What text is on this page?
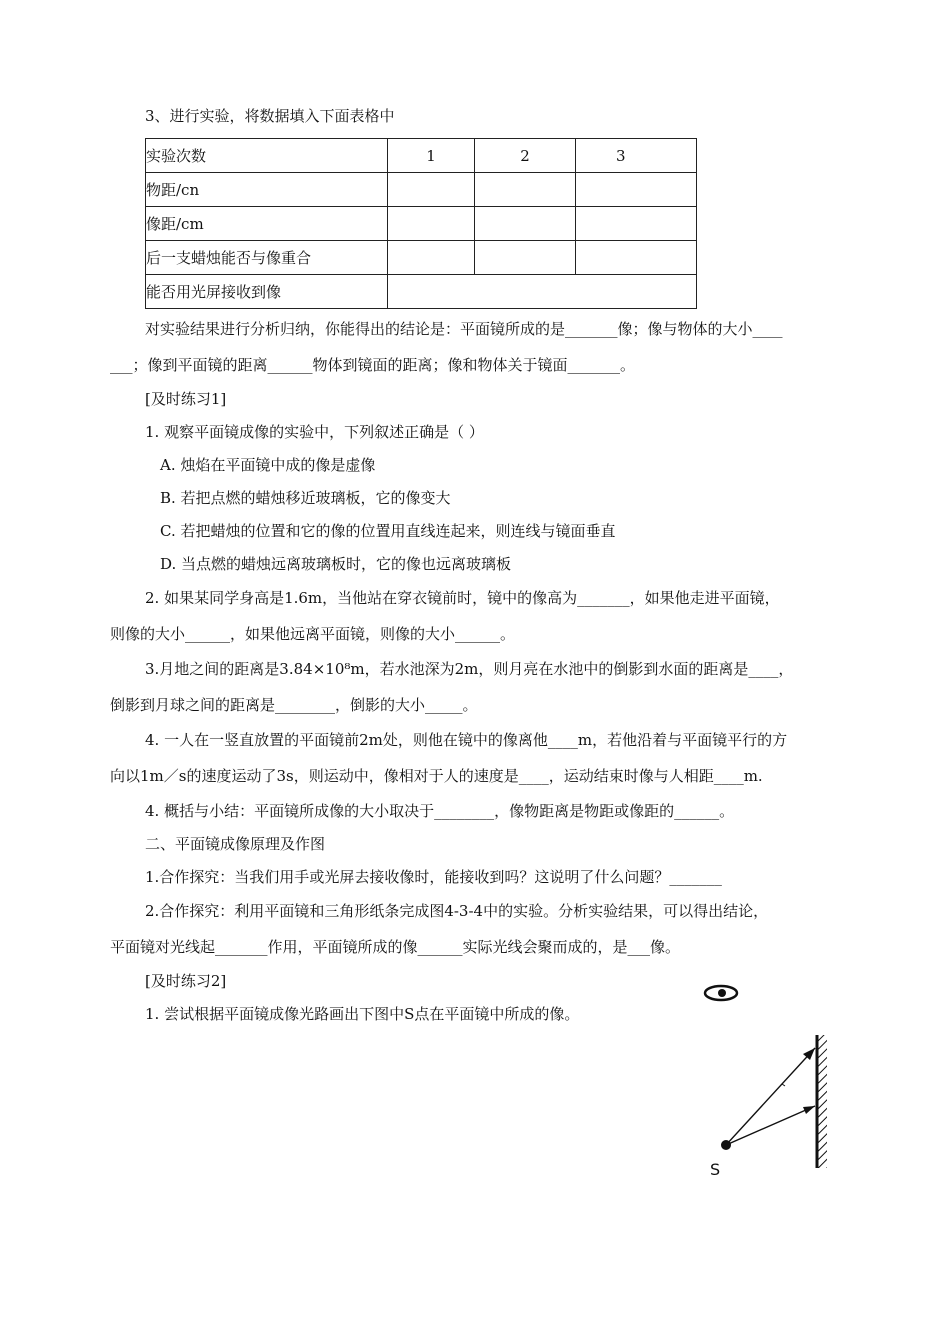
3、进行实验，将数据填入下面表格中
实验次数	1	2	3
物距/cn			
像距/cm			
后一支蜡烛能否与像重合			
能否用光屏接收到像			
对实验结果进行分析归纳，你能得出的结论是：平面镜所成的是_______像；像与物体的大小____
___；像到平面镜的距离______物体到镜面的距离；像和物体关于镜面_______。
[及时练习1]
1. 观察平面镜成像的实验中，下列叙述正确是（ ）
A. 烛焰在平面镜中成的像是虚像
B. 若把点燃的蜡烛移近玻璃板，它的像变大
C. 若把蜡烛的位置和它的像的位置用直线连起来，则连线与镜面垂直
D. 当点燃的蜡烛远离玻璃板时，它的像也远离玻璃板
2. 如果某同学身高是1.6m，当他站在穿衣镜前时，镜中的像高为_______，如果他走进平面镜，
则像的大小______，如果他远离平面镜，则像的大小______。
3.月地之间的距离是3.84×10⁸m，若水池深为2m，则月亮在水池中的倒影到水面的距离是____，
倒影到月球之间的距离是________，倒影的大小_____。
4. 一人在一竖直放置的平面镜前2m处，则他在镜中的像离他____m，若他沿着与平面镜平行的方
向以1m／s的速度运动了3s，则运动中，像相对于人的速度是____，运动结束时像与人相距____m.
4. 概括与小结：平面镜所成像的大小取决于________，像物距离是物距或像距的______。
二、平面镜成像原理及作图
1.合作探究：当我们用手或光屏去接收像时，能接收到吗？这说明了什么问题？_______
2.合作探究：利用平面镜和三角形纸条完成图4-3-4中的实验。分析实验结果，可以得出结论，
平面镜对光线起_______作用，平面镜所成的像______实际光线会聚而成的，是___像。
[及时练习2]
1. 尝试根据平面镜成像光路画出下图中S点在平面镜中所成的像。
S
